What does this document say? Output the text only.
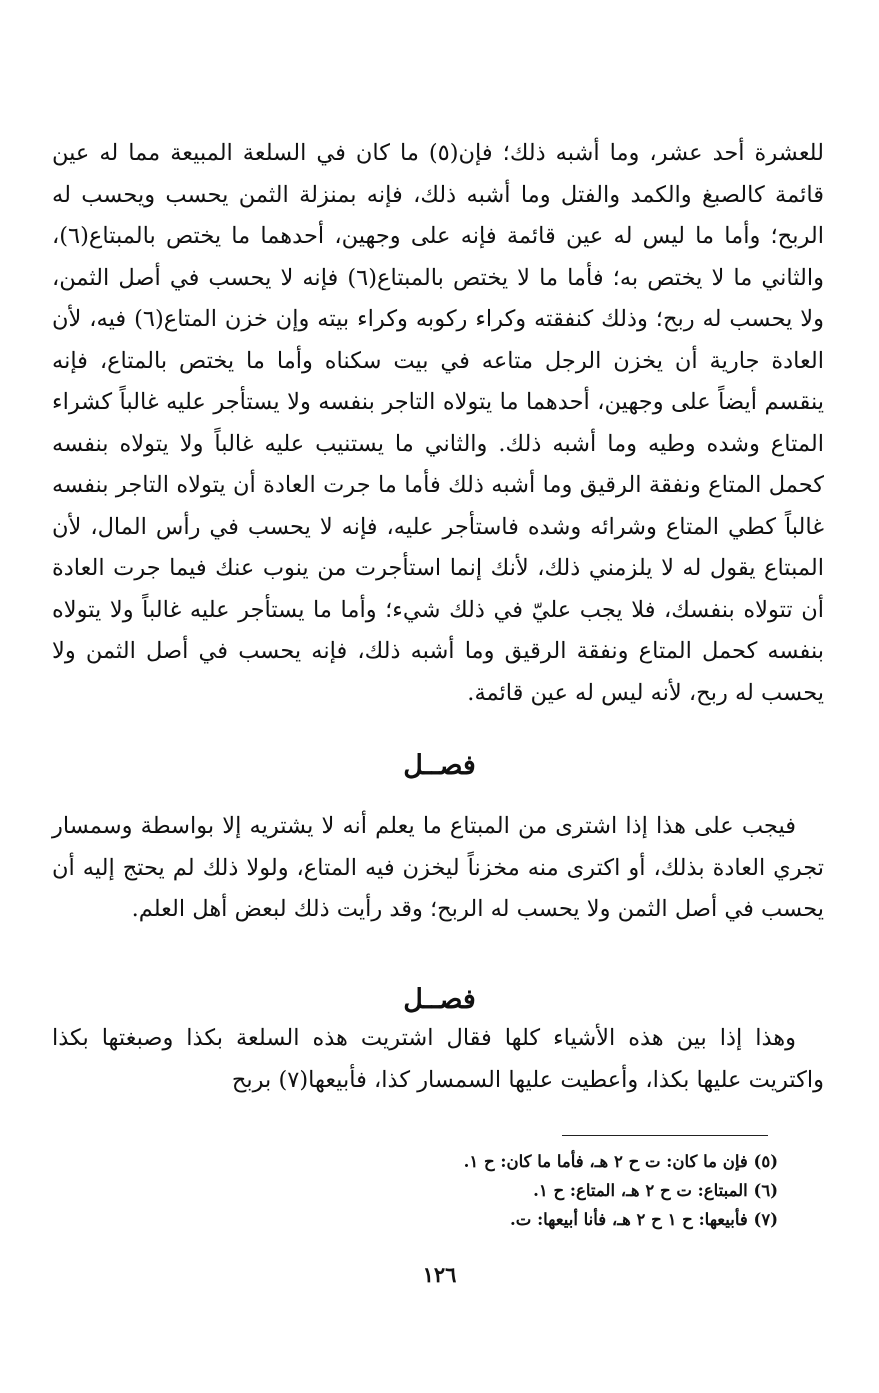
للعشرة أحد عشر، وما أشبه ذلك؛ فإن(٥) ما كان في السلعة المبيعة مما له عين قائمة كالصبغ والكمد والفتل وما أشبه ذلك، فإنه بمنزلة الثمن يحسب ويحسب له الربح؛ وأما ما ليس له عين قائمة فإنه على وجهين، أحدهما ما يختص بالمبتاع(٦)، والثاني ما لا يختص به؛ فأما ما لا يختص بالمبتاع(٦) فإنه لا يحسب في أصل الثمن، ولا يحسب له ربح؛ وذلك كنفقته وكراء ركوبه وكراء بيته وإن خزن المتاع(٦) فيه، لأن العادة جارية أن يخزن الرجل متاعه في بيت سكناه وأما ما يختص بالمتاع، فإنه ينقسم أيضاً على وجهين، أحدهما ما يتولاه التاجر بنفسه ولا يستأجر عليه غالباً كشراء المتاع وشده وطيه وما أشبه ذلك. والثاني ما يستنيب عليه غالباً ولا يتولاه بنفسه كحمل المتاع ونفقة الرقيق وما أشبه ذلك فأما ما جرت العادة أن يتولاه التاجر بنفسه غالباً كطي المتاع وشرائه وشده فاستأجر عليه، فإنه لا يحسب في رأس المال، لأن المبتاع يقول له لا يلزمني ذلك، لأنك إنما استأجرت من ينوب عنك فيما جرت العادة أن تتولاه بنفسك، فلا يجب عليّ في ذلك شيء؛ وأما ما يستأجر عليه غالباً ولا يتولاه بنفسه كحمل المتاع ونفقة الرقيق وما أشبه ذلك، فإنه يحسب في أصل الثمن ولا يحسب له ربح، لأنه ليس له عين قائمة.

فصــل

فيجب على هذا إذا اشترى من المبتاع ما يعلم أنه لا يشتريه إلا بواسطة وسمسار تجري العادة بذلك، أو اكترى منه مخزناً ليخزن فيه المتاع، ولولا ذلك لم يحتج إليه أن يحسب في أصل الثمن ولا يحسب له الربح؛ وقد رأيت ذلك لبعض أهل العلم.

فصــل

وهذا إذا بين هذه الأشياء كلها فقال اشتريت هذه السلعة بكذا وصبغتها بكذا واكتريت عليها بكذا، وأعطيت عليها السمسار كذا، فأبيعها(٧) بربح

(٥) فإن ما كان: ت ح ٢ هـ، فأما ما كان: ح ١.
(٦) المبتاع: ت ح ٢ هـ، المتاع: ح ١.
(٧) فأبيعها: ح ١ ح ٢ هـ، فأنا أبيعها: ت.
١٢٦
